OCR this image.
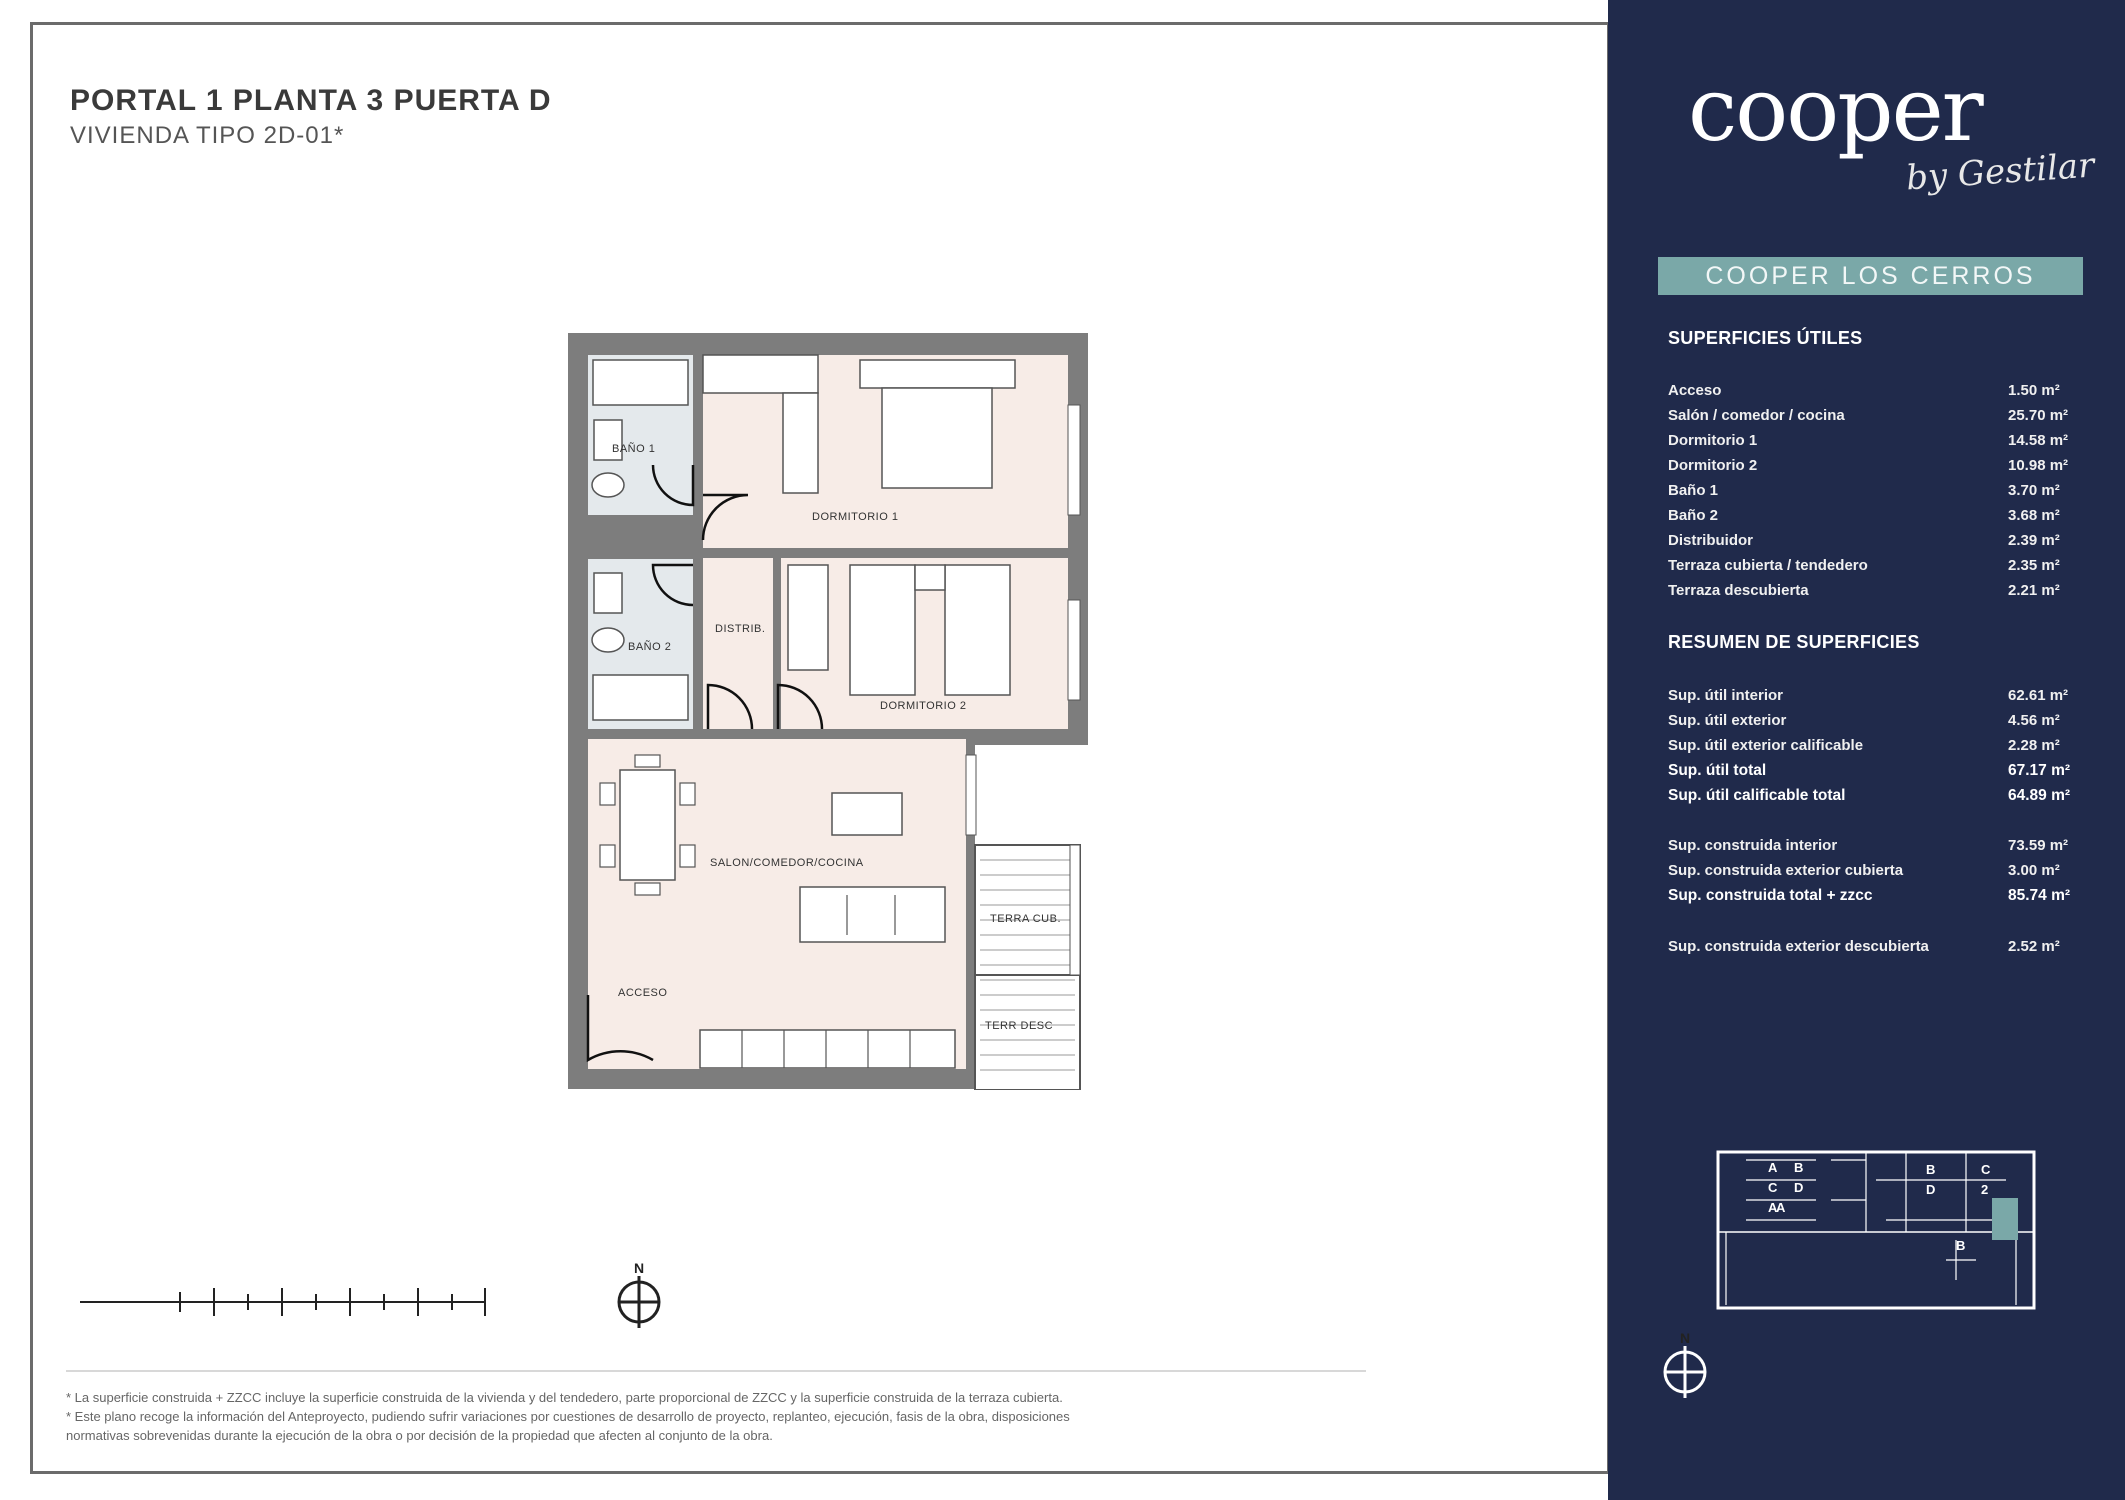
PORTAL 1 PLANTA 3 PUERTA D
VIVIENDA TIPO 2D-01*
BAÑO 1
DORMITORIO 1
DISTRIB.
BAÑO 2
DORMITORIO 2
SALON/COMEDOR/COCINA
ACCESO
TERRA CUB.
TERR DESC
N

* La superficie construida + ZZCC incluye la superficie construida de la vivienda y del tendedero, parte proporcional de ZZCC y la superficie construida de la terraza cubierta.

* Este plano recoge la información del Anteproyecto, pudiendo sufrir variaciones por cuestiones de desarrollo de proyecto, replanteo, ejecución, fasis de la obra, disposiciones

normativas sobrevenidas durante la ejecución de la obra o por decisión de la propiedad que afecten al conjunto de la obra.

cooper
by Gestilar
COOPER LOS CERROS
SUPERFICIES ÚTILES
Acceso	1.50 m²
Salón / comedor / cocina	25.70 m²
Dormitorio 1	14.58 m²
Dormitorio 2	10.98 m²
Baño 1	3.70 m²
Baño 2	3.68 m²
Distribuidor	2.39 m²
Terraza cubierta / tendedero	2.35 m²
Terraza descubierta	2.21 m²
RESUMEN DE SUPERFICIES
Sup. útil interior	62.61 m²
Sup. útil exterior	4.56 m²
Sup. útil exterior calificable	2.28 m²
Sup. útil total	67.17 m²
Sup. útil calificable total	64.89 m²
Sup. construida interior	73.59 m²
Sup. construida exterior cubierta	3.00 m²
Sup. construida total + zzcc	85.74 m²
Sup. construida exterior descubierta	2.52 m²
A B
C D
A
B	C
D	2
A
B
N
